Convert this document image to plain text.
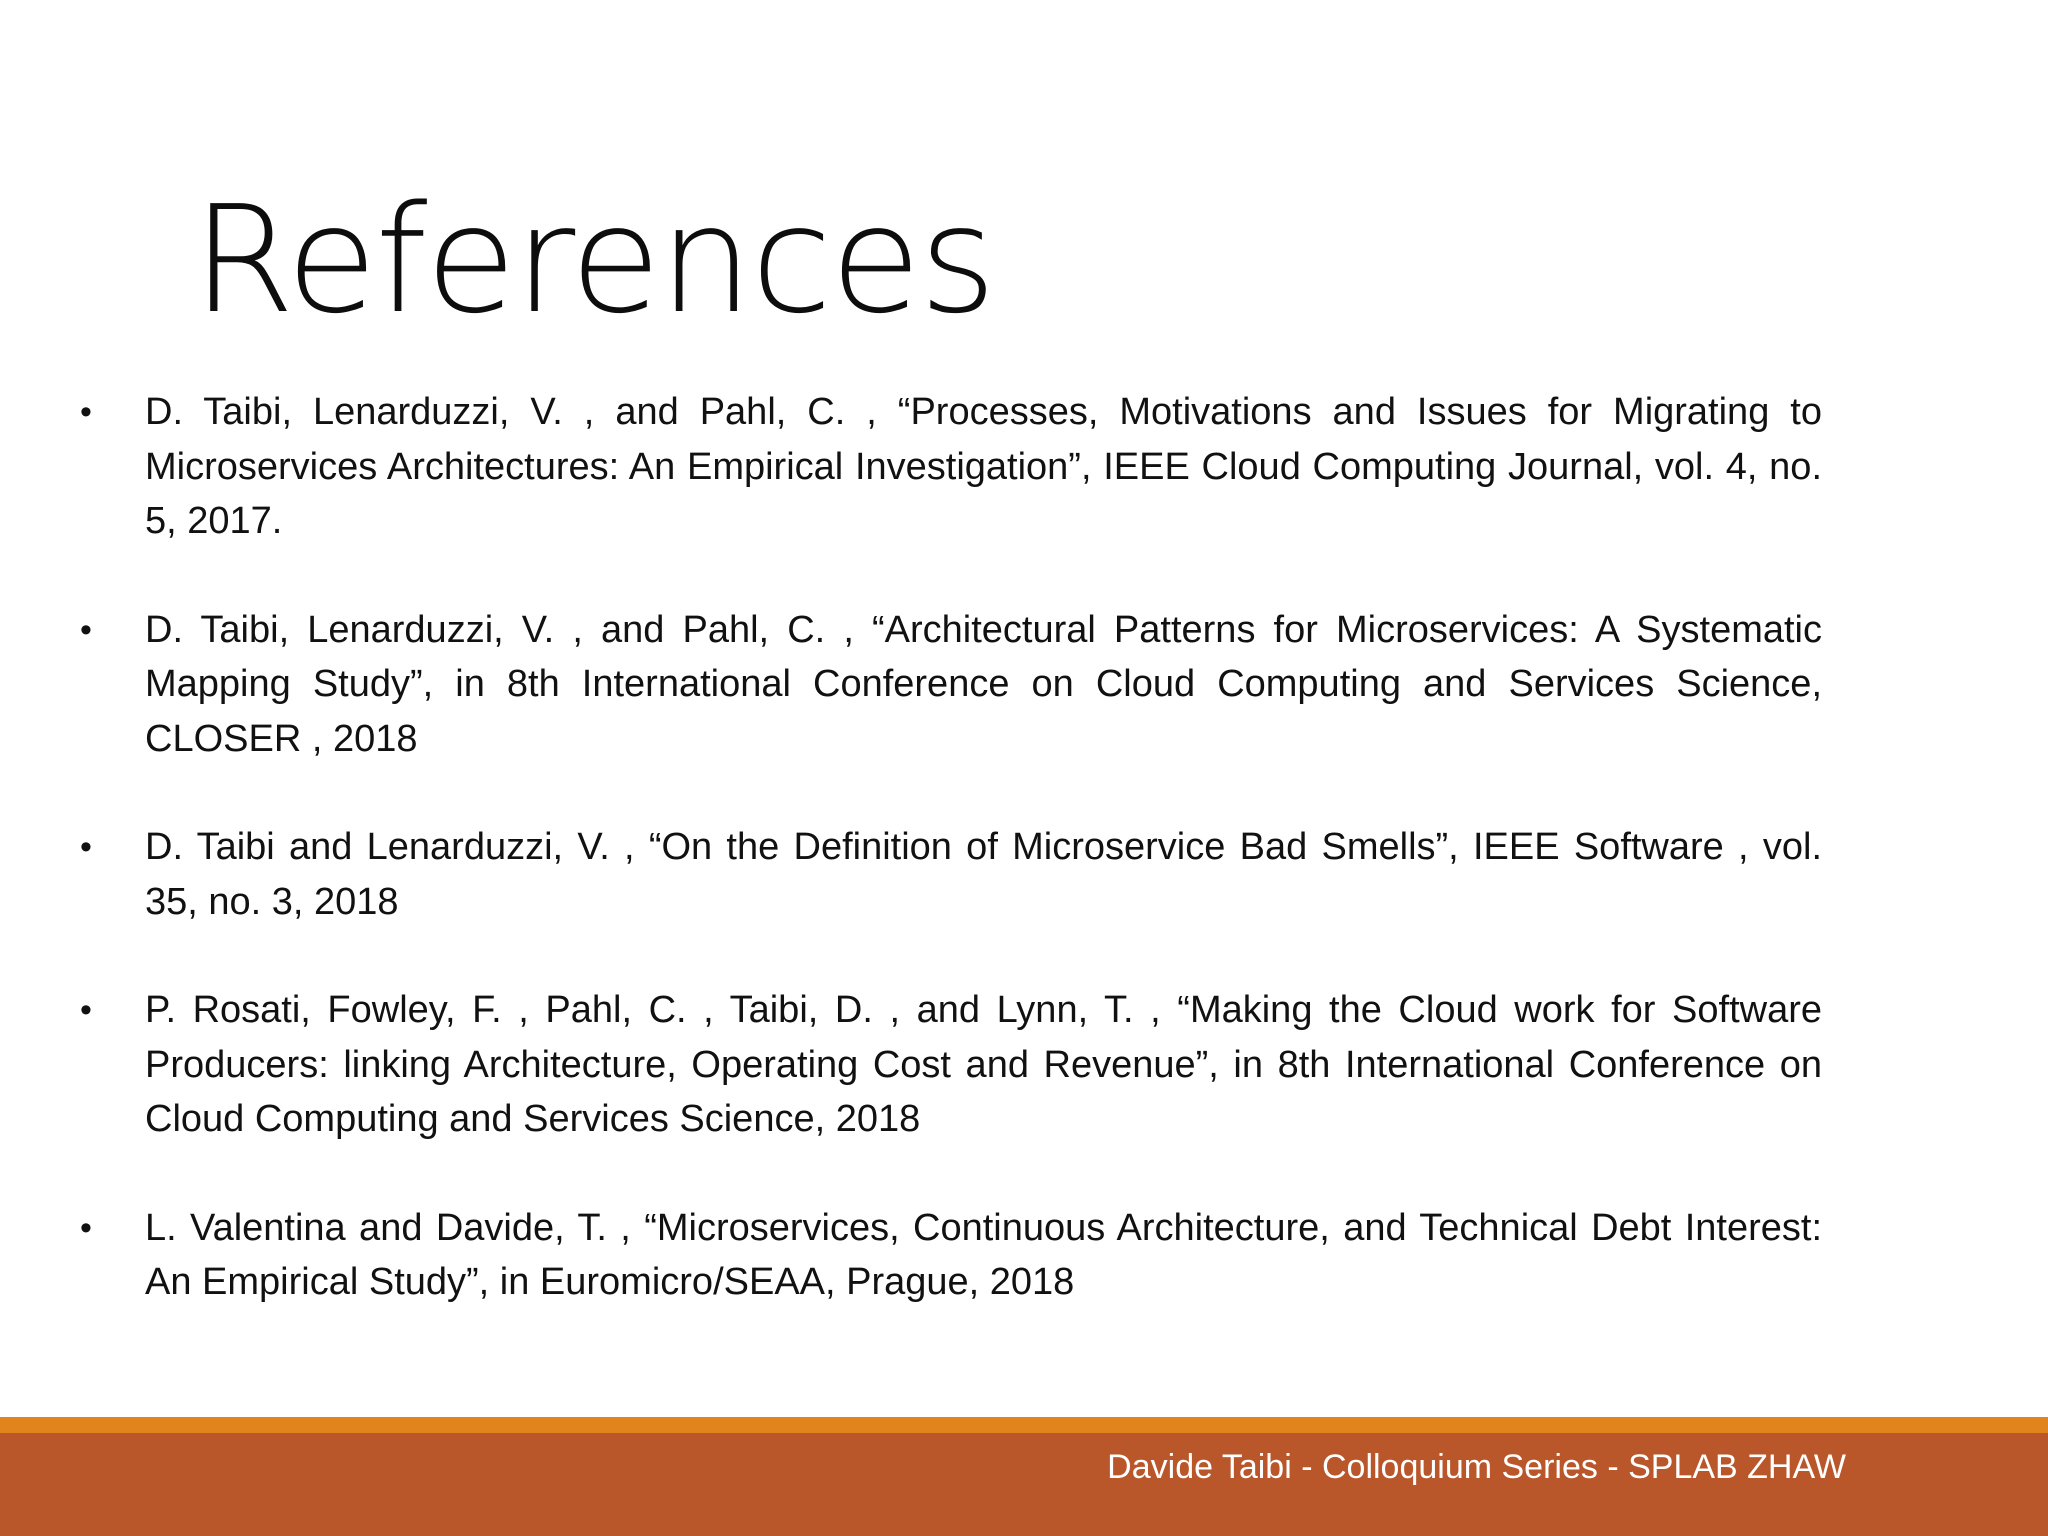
References
• D. Taibi, Lenarduzzi, V. , and Pahl, C. , “Processes, Motivations and Issues for Migrating to Microservices Architectures: An Empirical Investigation”, IEEE Cloud Computing Journal, vol. 4, no. 5, 2017.
• D. Taibi, Lenarduzzi, V. , and Pahl, C. , “Architectural Patterns for Microservices: A Systematic Mapping Study”, in 8th International Conference on Cloud Computing and Services Science, CLOSER , 2018
• D. Taibi and Lenarduzzi, V. , “On the Definition of Microservice Bad Smells”, IEEE Software , vol. 35, no. 3, 2018
• P. Rosati, Fowley, F. , Pahl, C. , Taibi, D. , and Lynn, T. , “Making the Cloud work for Software Producers: linking Architecture, Operating Cost and Revenue”, in 8th International Conference on Cloud Computing and Services Science, 2018
• L. Valentina and Davide, T. , “Microservices, Continuous Architecture, and Technical Debt Interest: An Empirical Study”, in Euromicro/SEAA, Prague, 2018
Davide Taibi - Colloquium Series - SPLAB ZHAW
